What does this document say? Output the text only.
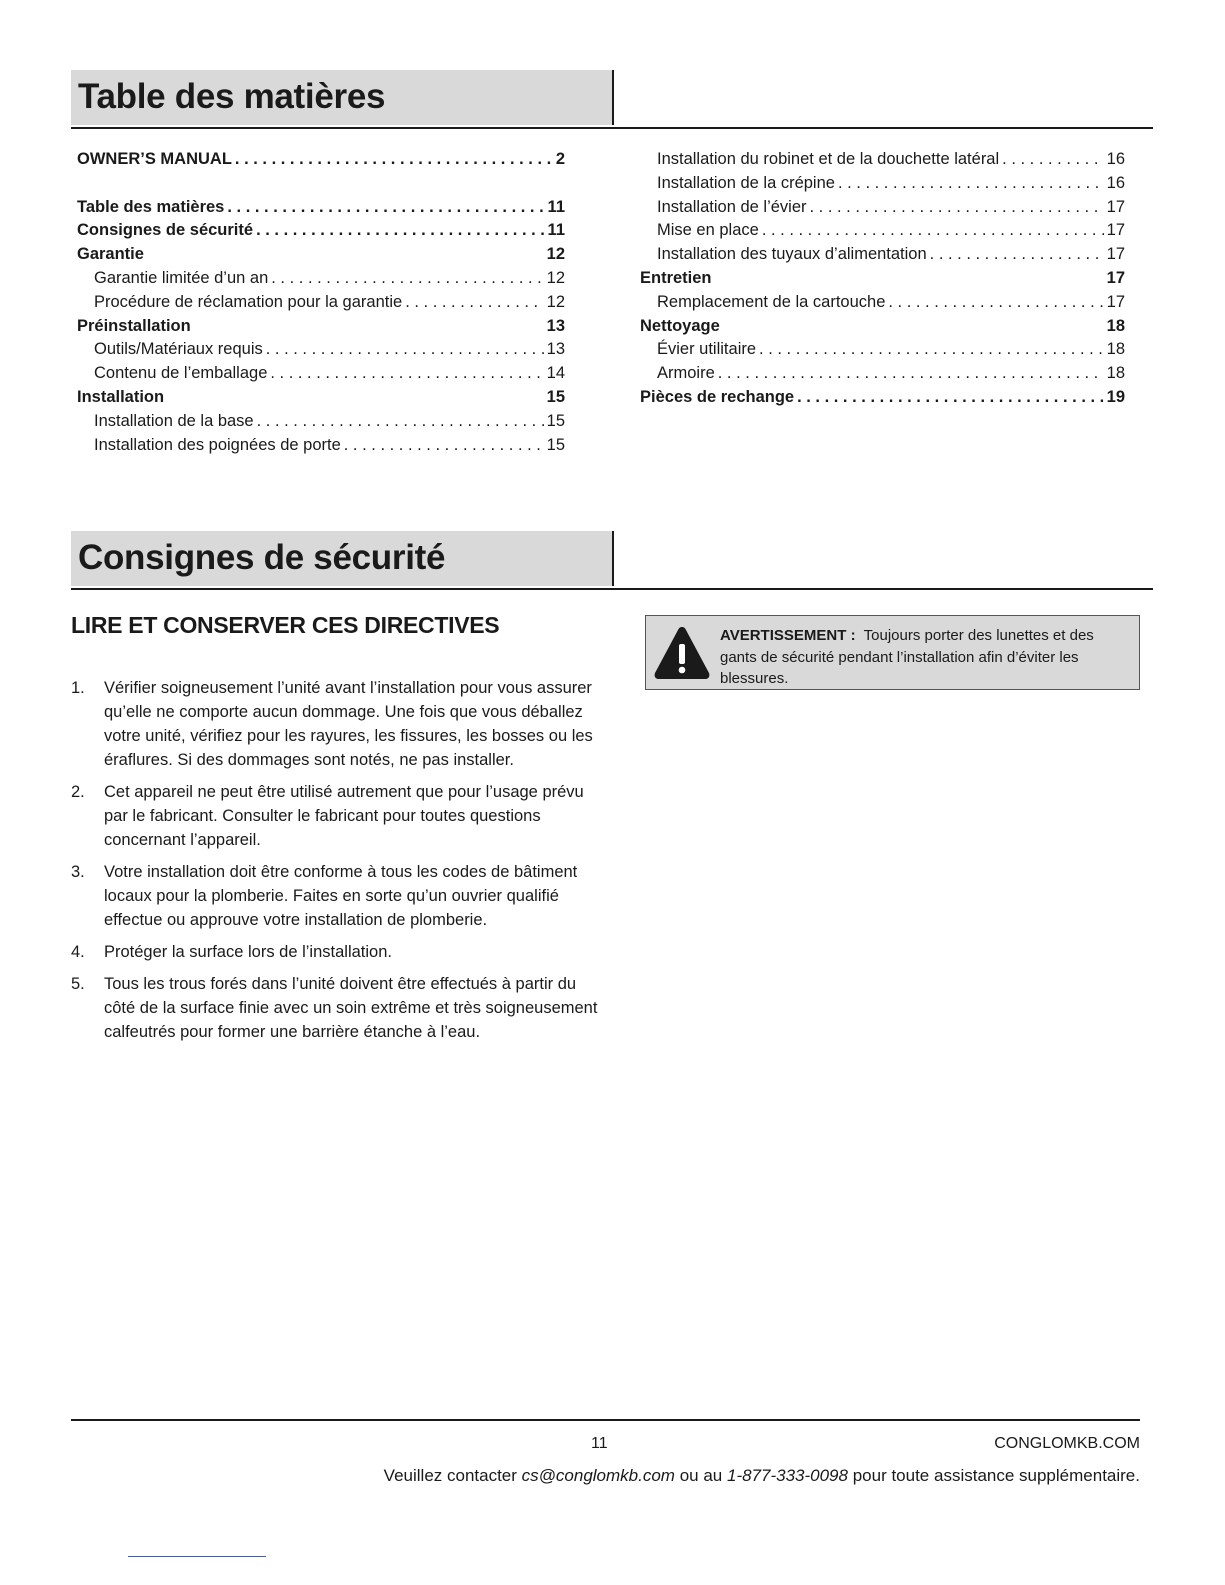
Table des matières
OWNER’S MANUAL . . .	2
Table des matières . . .	11
Consignes de sécurité . . .	11
Garantie	12
Garantie limitée d’un an . . .	12
Procédure de réclamation pour la garantie . . .	12
Préinstallation	13
Outils/Matériaux requis . . .	13
Contenu de l’emballage . . .	14
Installation	15
Installation de la base . . .	15
Installation des poignées de porte . . .	15
Installation du robinet et de la douchette latéral . . .	16
Installation de la crépine . . .	16
Installation de l’évier . . .	17
Mise en place . . .	17
Installation des tuyaux d’alimentation . . .	17
Entretien	17
Remplacement de la cartouche . . .	17
Nettoyage	18
Évier utilitaire . . .	18
Armoire . . .	18
Pièces de rechange . . .	19
Consignes de sécurité
LIRE ET CONSERVER CES DIRECTIVES
1. Vérifier soigneusement l’unité avant l’installation pour vous assurer qu’elle ne comporte aucun dommage. Une fois que vous déballez votre unité, vérifiez pour les rayures, les fissures, les bosses ou les éraflures. Si des dommages sont notés, ne pas installer.
2. Cet appareil ne peut être utilisé autrement que pour l’usage prévu par le fabricant. Consulter le fabricant pour toutes questions concernant l’appareil.
3. Votre installation doit être conforme à tous les codes de bâtiment locaux pour la plomberie. Faites en sorte qu’un ouvrier qualifié effectue ou approuve votre installation de plomberie.
4. Protéger la surface lors de l’installation.
5. Tous les trous forés dans l’unité doivent être effectués à partir du côté de la surface finie avec un soin extrême et très soigneusement calfeutrés pour former une barrière étanche à l’eau.
AVERTISSEMENT : Toujours porter des lunettes et des gants de sécurité pendant l’installation afin d’éviter les blessures.
11	CONGLOMKB.COM
Veuillez contacter cs@conglomkb.com ou au 1-877-333-0098 pour toute assistance supplémentaire.
